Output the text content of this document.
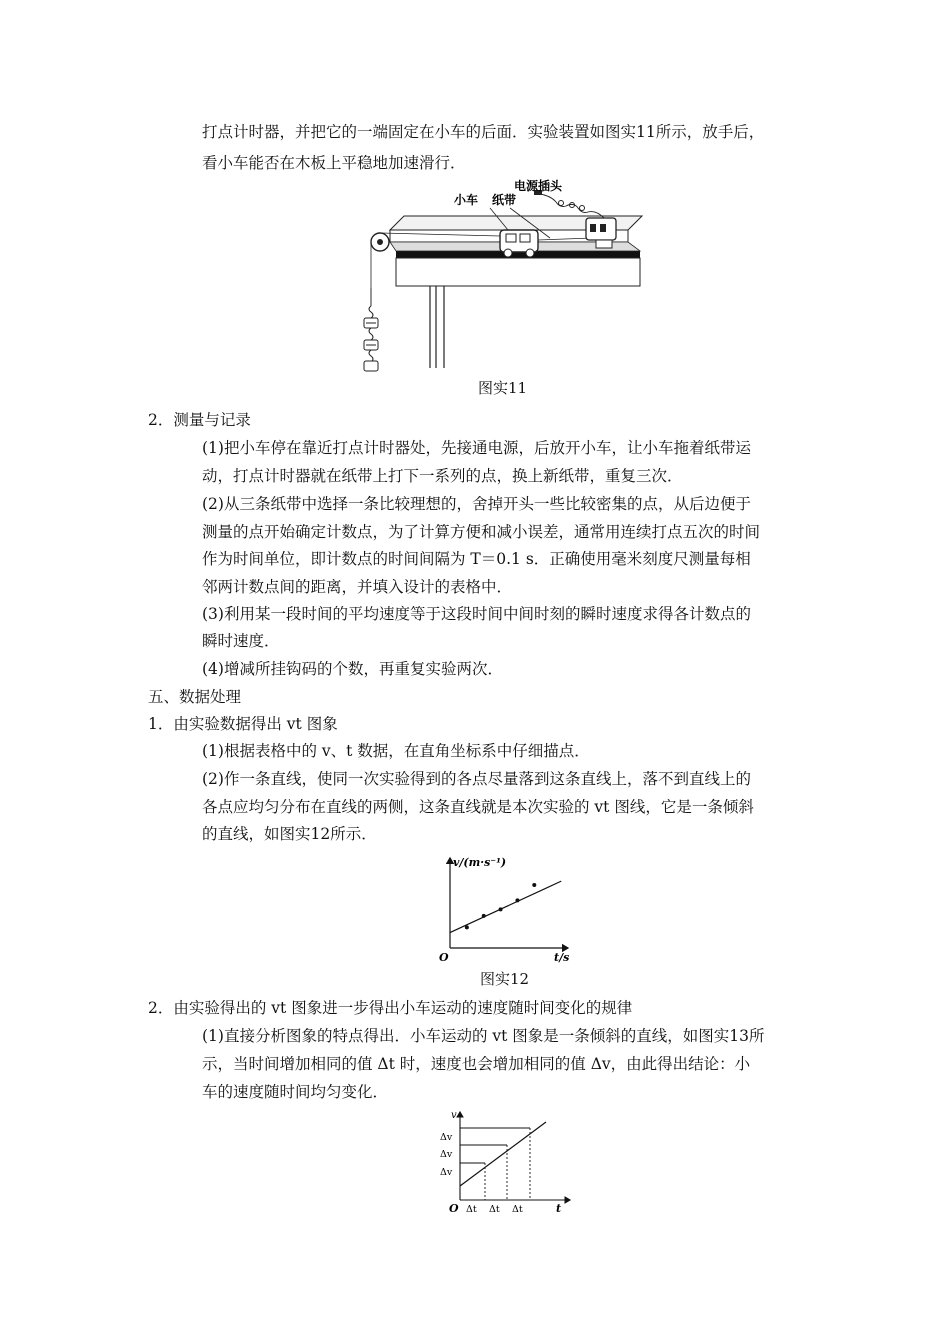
打点计时器，并把它的一端固定在小车的后面．实验装置如图实11所示，放手后，
看小车能否在木板上平稳地加速滑行．
小车 纸带
电源插头
图实11
2．测量与记录
(1)把小车停在靠近打点计时器处，先接通电源，后放开小车，让小车拖着纸带运
动，打点计时器就在纸带上打下一系列的点，换上新纸带，重复三次．
(2)从三条纸带中选择一条比较理想的，舍掉开头一些比较密集的点，从后边便于
测量的点开始确定计数点，为了计算方便和减小误差，通常用连续打点五次的时间
作为时间单位，即计数点的时间间隔为 T＝0.1 s．正确使用毫米刻度尺测量每相
邻两计数点间的距离，并填入设计的表格中．
(3)利用某一段时间的平均速度等于这段时间中间时刻的瞬时速度求得各计数点的
瞬时速度．
(4)增减所挂钩码的个数，再重复实验两次．
五、数据处理
1．由实验数据得出 vt 图象
(1)根据表格中的 v、t 数据，在直角坐标系中仔细描点．
(2)作一条直线，使同一次实验得到的各点尽量落到这条直线上，落不到直线上的
各点应均匀分布在直线的两侧，这条直线就是本次实验的 vt 图线，它是一条倾斜
的直线，如图实12所示．
v/(m·s⁻¹)
t/s
O
图实12
2．由实验得出的 vt 图象进一步得出小车运动的速度随时间变化的规律
(1)直接分析图象的特点得出．小车运动的 vt 图象是一条倾斜的直线，如图实13所
示，当时间增加相同的值 Δt 时，速度也会增加相同的值 Δv，由此得出结论：小
车的速度随时间均匀变化．
v
t
O
Δv
Δv
Δv
Δt Δt Δt
